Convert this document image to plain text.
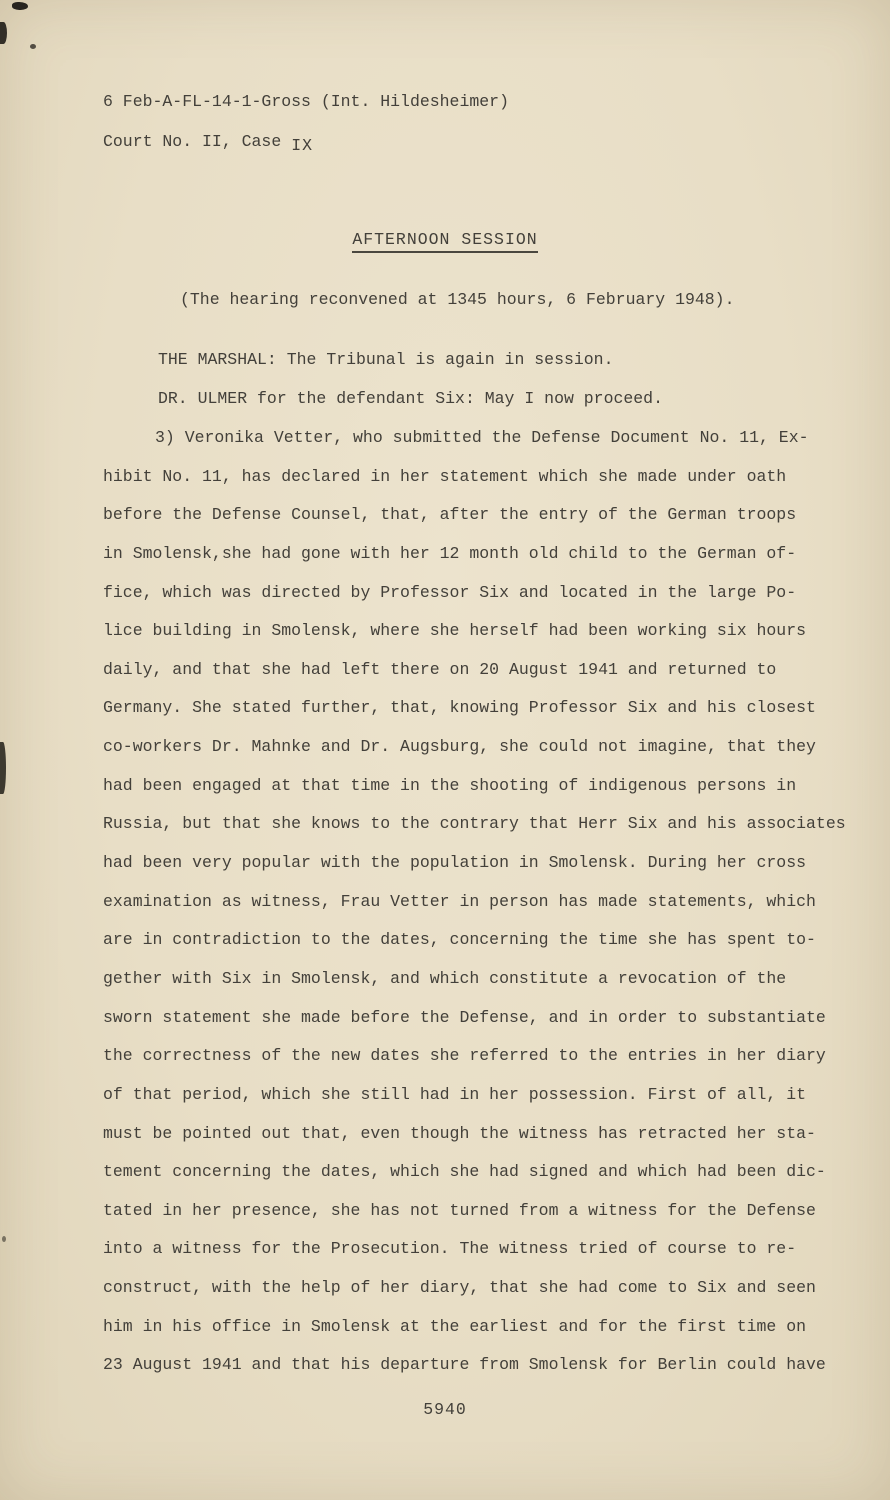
6 Feb-A-FL-14-1-Gross (Int. Hildesheimer)
Court No. II, Case IX
AFTERNOON SESSION
(The hearing reconvened at 1345 hours, 6 February 1948).
THE MARSHAL: The Tribunal is again in session.
DR. ULMER for the defendant Six: May I now proceed.
3) Veronika Vetter, who submitted the Defense Document No. 11, Ex-
hibit No. 11, has declared in her statement which she made under oath
before the Defense Counsel, that, after the entry of the German troops
in Smolensk,she had gone with her 12 month old child to the German of-
fice, which was directed by Professor Six and located in the large Po-
lice building in Smolensk, where she herself had been working six hours
daily, and that she had left there on 20 August 1941 and returned to
Germany. She stated further, that, knowing Professor Six and his closest
co-workers Dr. Mahnke and Dr. Augsburg, she could not imagine, that they
had been engaged at that time in the shooting of indigenous persons in
Russia, but that she knows to the contrary that Herr Six and his associates
had been very popular with the population in Smolensk. During her cross
examination as witness, Frau Vetter in person has made statements, which
are in contradiction to the dates, concerning the time she has spent to-
gether with Six in Smolensk, and which constitute a revocation of the
sworn statement she made before the Defense, and in order to substantiate
the correctness of the new dates she referred to the entries in her diary
of that period, which she still had in her possession. First of all, it
must be pointed out that, even though the witness has retracted her sta-
tement concerning the dates, which she had signed and which had been dic-
tated in her presence, she has not turned from a witness for the Defense
into a witness for the Prosecution. The witness tried of course to re-
construct, with the help of her diary, that she had come to Six and seen
him in his office in Smolensk at the earliest and for the first time on
23 August 1941 and that his departure from Smolensk for Berlin could have
5940
